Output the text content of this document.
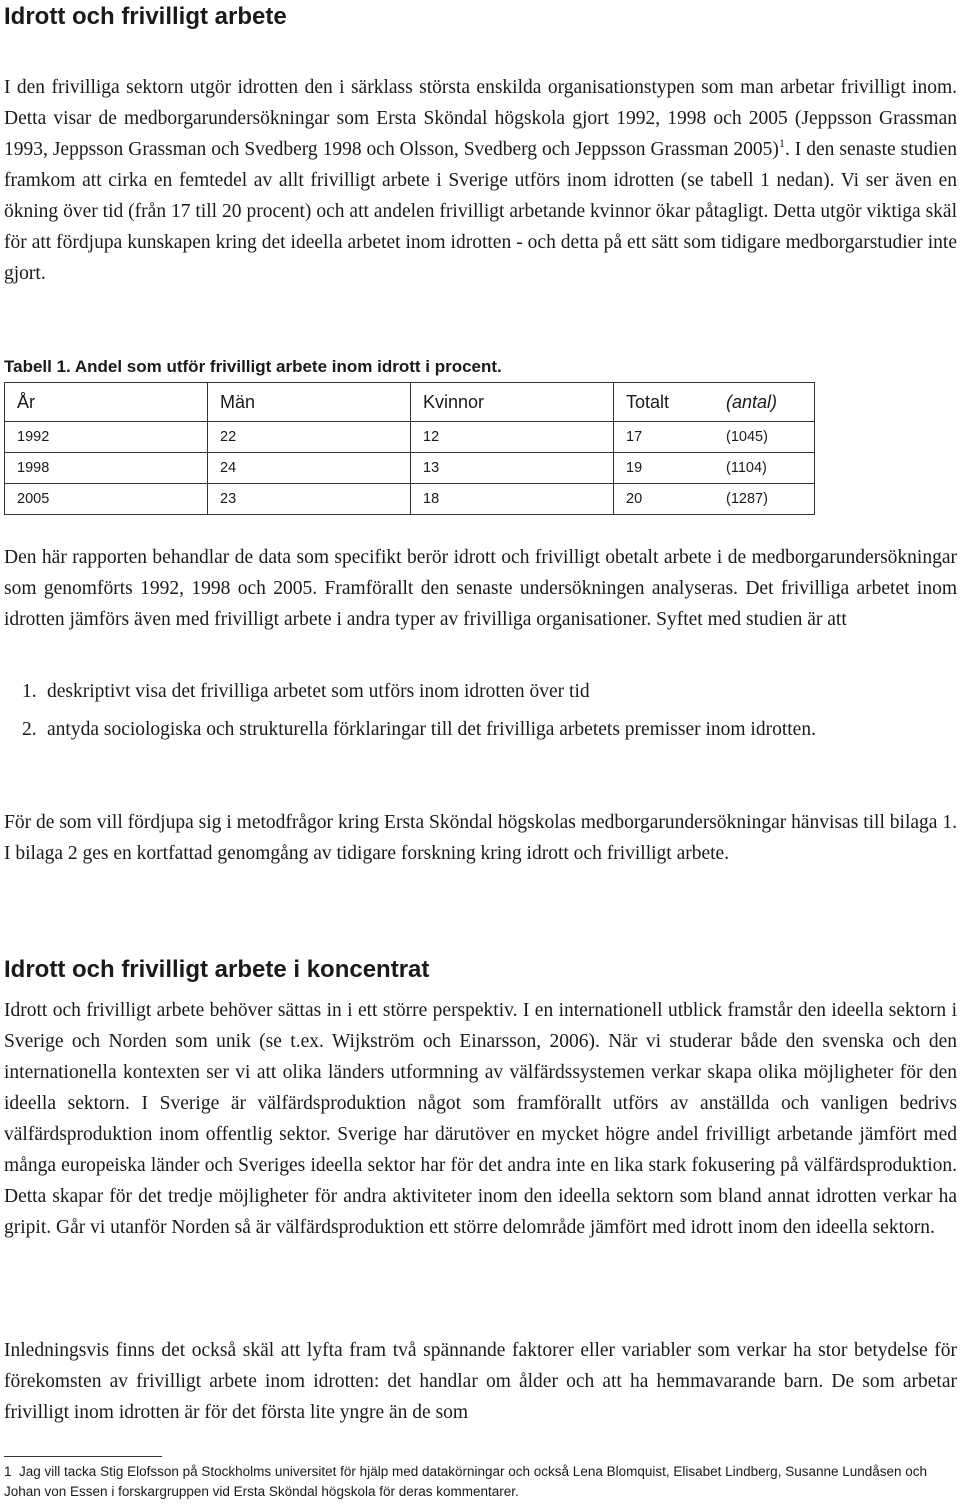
Idrott och frivilligt arbete

I den frivilliga sektorn utgör idrotten den i särklass största enskilda organisationstypen som man arbetar frivilligt inom. Detta visar de medborgarundersökningar som Ersta Sköndal högskola gjort 1992, 1998 och 2005 (Jeppsson Grassman 1993, Jeppsson Grassman och Svedberg 1998 och Olsson, Svedberg och Jeppsson Grassman 2005)$^1$. I den senaste studien framkom att cirka en femtedel av allt frivilligt arbete i Sverige utförs inom idrotten (se tabell 1 nedan). Vi ser även en ökning över tid (från 17 till 20 procent) och att andelen frivilligt arbetande kvinnor ökar påtagligt. Detta utgör viktiga skäl för att fördjupa kunskapen kring det ideella arbetet inom idrotten - och detta på ett sätt som tidigare medborgarstudier inte gjort.

Tabell 1. Andel som utför frivilligt arbete inom idrott i procent.

År	Män	Kvinnor	Totalt (antal)
1992	22	12	17 (1045)
1998	24	13	19 (1104)
2005	23	18	20 (1287)

Den här rapporten behandlar de data som specifikt berör idrott och frivilligt obetalt arbete i de medborgarundersökningar som genomförts 1992, 1998 och 2005. Framförallt den senaste undersökningen analyseras. Det frivilliga arbetet inom idrotten jämförs även med frivilligt arbete i andra typer av frivilliga organisationer. Syftet med studien är att

1. deskriptivt visa det frivilliga arbetet som utförs inom idrotten över tid
2. antyda sociologiska och strukturella förklaringar till det frivilliga arbetets premisser inom idrotten.

För de som vill fördjupa sig i metodfrågor kring Ersta Sköndal högskolas medborgarundersökningar hänvisas till bilaga 1. I bilaga 2 ges en kortfattad genomgång av tidigare forskning kring idrott och frivilligt arbete.

Idrott och frivilligt arbete i koncentrat

Idrott och frivilligt arbete behöver sättas in i ett större perspektiv. I en internationell utblick framstår den ideella sektorn i Sverige och Norden som unik (se t.ex. Wijkström och Einarsson, 2006). När vi studerar både den svenska och den internationella kontexten ser vi att olika länders utformning av välfärdssystemen verkar skapa olika möjligheter för den ideella sektorn. I Sverige är välfärdsproduktion något som framförallt utförs av anställda och vanligen bedrivs välfärdsproduktion inom offentlig sektor. Sverige har därutöver en mycket högre andel frivilligt arbetande jämfört med många europeiska länder och Sveriges ideella sektor har för det andra inte en lika stark fokusering på välfärdsproduktion. Detta skapar för det tredje möjligheter för andra aktiviteter inom den ideella sektorn som bland annat idrotten verkar ha gripit. Går vi utanför Norden så är välfärdsproduktion ett större delområde jämfört med idrott inom den ideella sektorn.

Inledningsvis finns det också skäl att lyfta fram två spännande faktorer eller variabler som verkar ha stor betydelse för förekomsten av frivilligt arbete inom idrotten: det handlar om ålder och att ha hemmavarande barn. De som arbetar frivilligt inom idrotten är för det första lite yngre än de som

1 Jag vill tacka Stig Elofsson på Stockholms universitet för hjälp med datakörningar och också Lena Blomquist, Elisabet Lindberg, Susanne Lundåsen och Johan von Essen i forskargruppen vid Ersta Sköndal högskola för deras kommentarer.
